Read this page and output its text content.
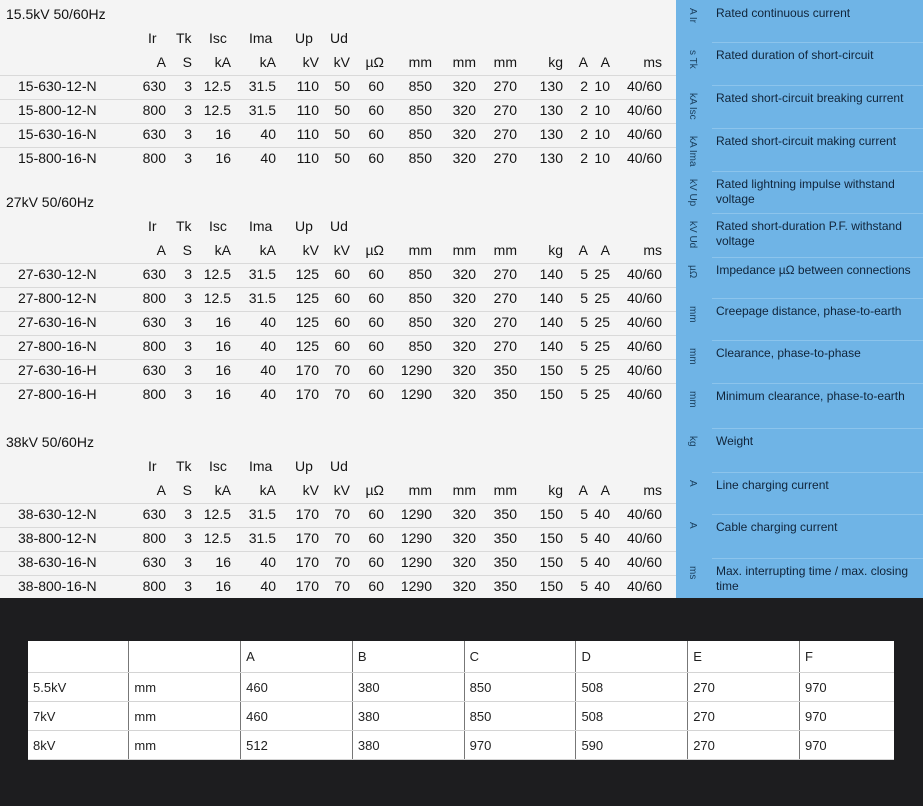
15.5kV 50/60Hz
Ir Tk Isc Ima Up Ud
A S kA kA kV kV µΩ mm mm mm kg A A ms
15-630-12-N	630 3 12.5 31.5 110 50 60 850 320 270 130 2 10 40/60
15-800-12-N	800 3 12.5 31.5 110 50 60 850 320 270 130 2 10 40/60
15-630-16-N	630 3 16 40 110 50 60 850 320 270 130 2 10 40/60
15-800-16-N	800 3 16 40 110 50 60 850 320 270 130 2 10 40/60
27kV 50/60Hz
Ir Tk Isc Ima Up Ud
A S kA kA kV kV µΩ mm mm mm kg A A ms
27-630-12-N	630 3 12.5 31.5 125 60 60 850 320 270 140 5 25 40/60
27-800-12-N	800 3 12.5 31.5 125 60 60 850 320 270 140 5 25 40/60
27-630-16-N	630 3 16 40 125 60 60 850 320 270 140 5 25 40/60
27-800-16-N	800 3 16 40 125 60 60 850 320 270 140 5 25 40/60
27-630-16-H	630 3 16 40 170 70 60 1290 320 350 150 5 25 40/60
27-800-16-H	800 3 16 40 170 70 60 1290 320 350 150 5 25 40/60
38kV 50/60Hz
Ir Tk Isc Ima Up Ud
A S kA kA kV kV µΩ mm mm mm kg A A ms
38-630-12-N	630 3 12.5 31.5 170 70 60 1290 320 350 150 5 40 40/60
38-800-12-N	800 3 12.5 31.5 170 70 60 1290 320 350 150 5 40 40/60
38-630-16-N	630 3 16 40 170 70 60 1290 320 350 150 5 40 40/60
38-800-16-N	800 3 16 40 170 70 60 1290 320 350 150 5 40 40/60
A Ir Rated continuous current
s Tk Rated duration of short-circuit
kA Isc Rated short-circuit breaking current
kA Ima Rated short-circuit making current
kV Up Rated lightning impulse withstand voltage
kV Ud Rated short-duration P.F. withstand voltage
µΩ Impedance µΩ between connections
mm Creepage distance, phase-to-earth
mm Clearance, phase-to-phase
mm Minimum clearance, phase-to-earth
kg Weight
A Line charging current
A Cable charging current
ms Max. interrupting time / max. closing time
		A	B	C	D	E	F
5.5kV	mm	460	380	850	508	270	970
7kV	mm	460	380	850	508	270	970
8kV	mm	512	380	970	590	270	970
